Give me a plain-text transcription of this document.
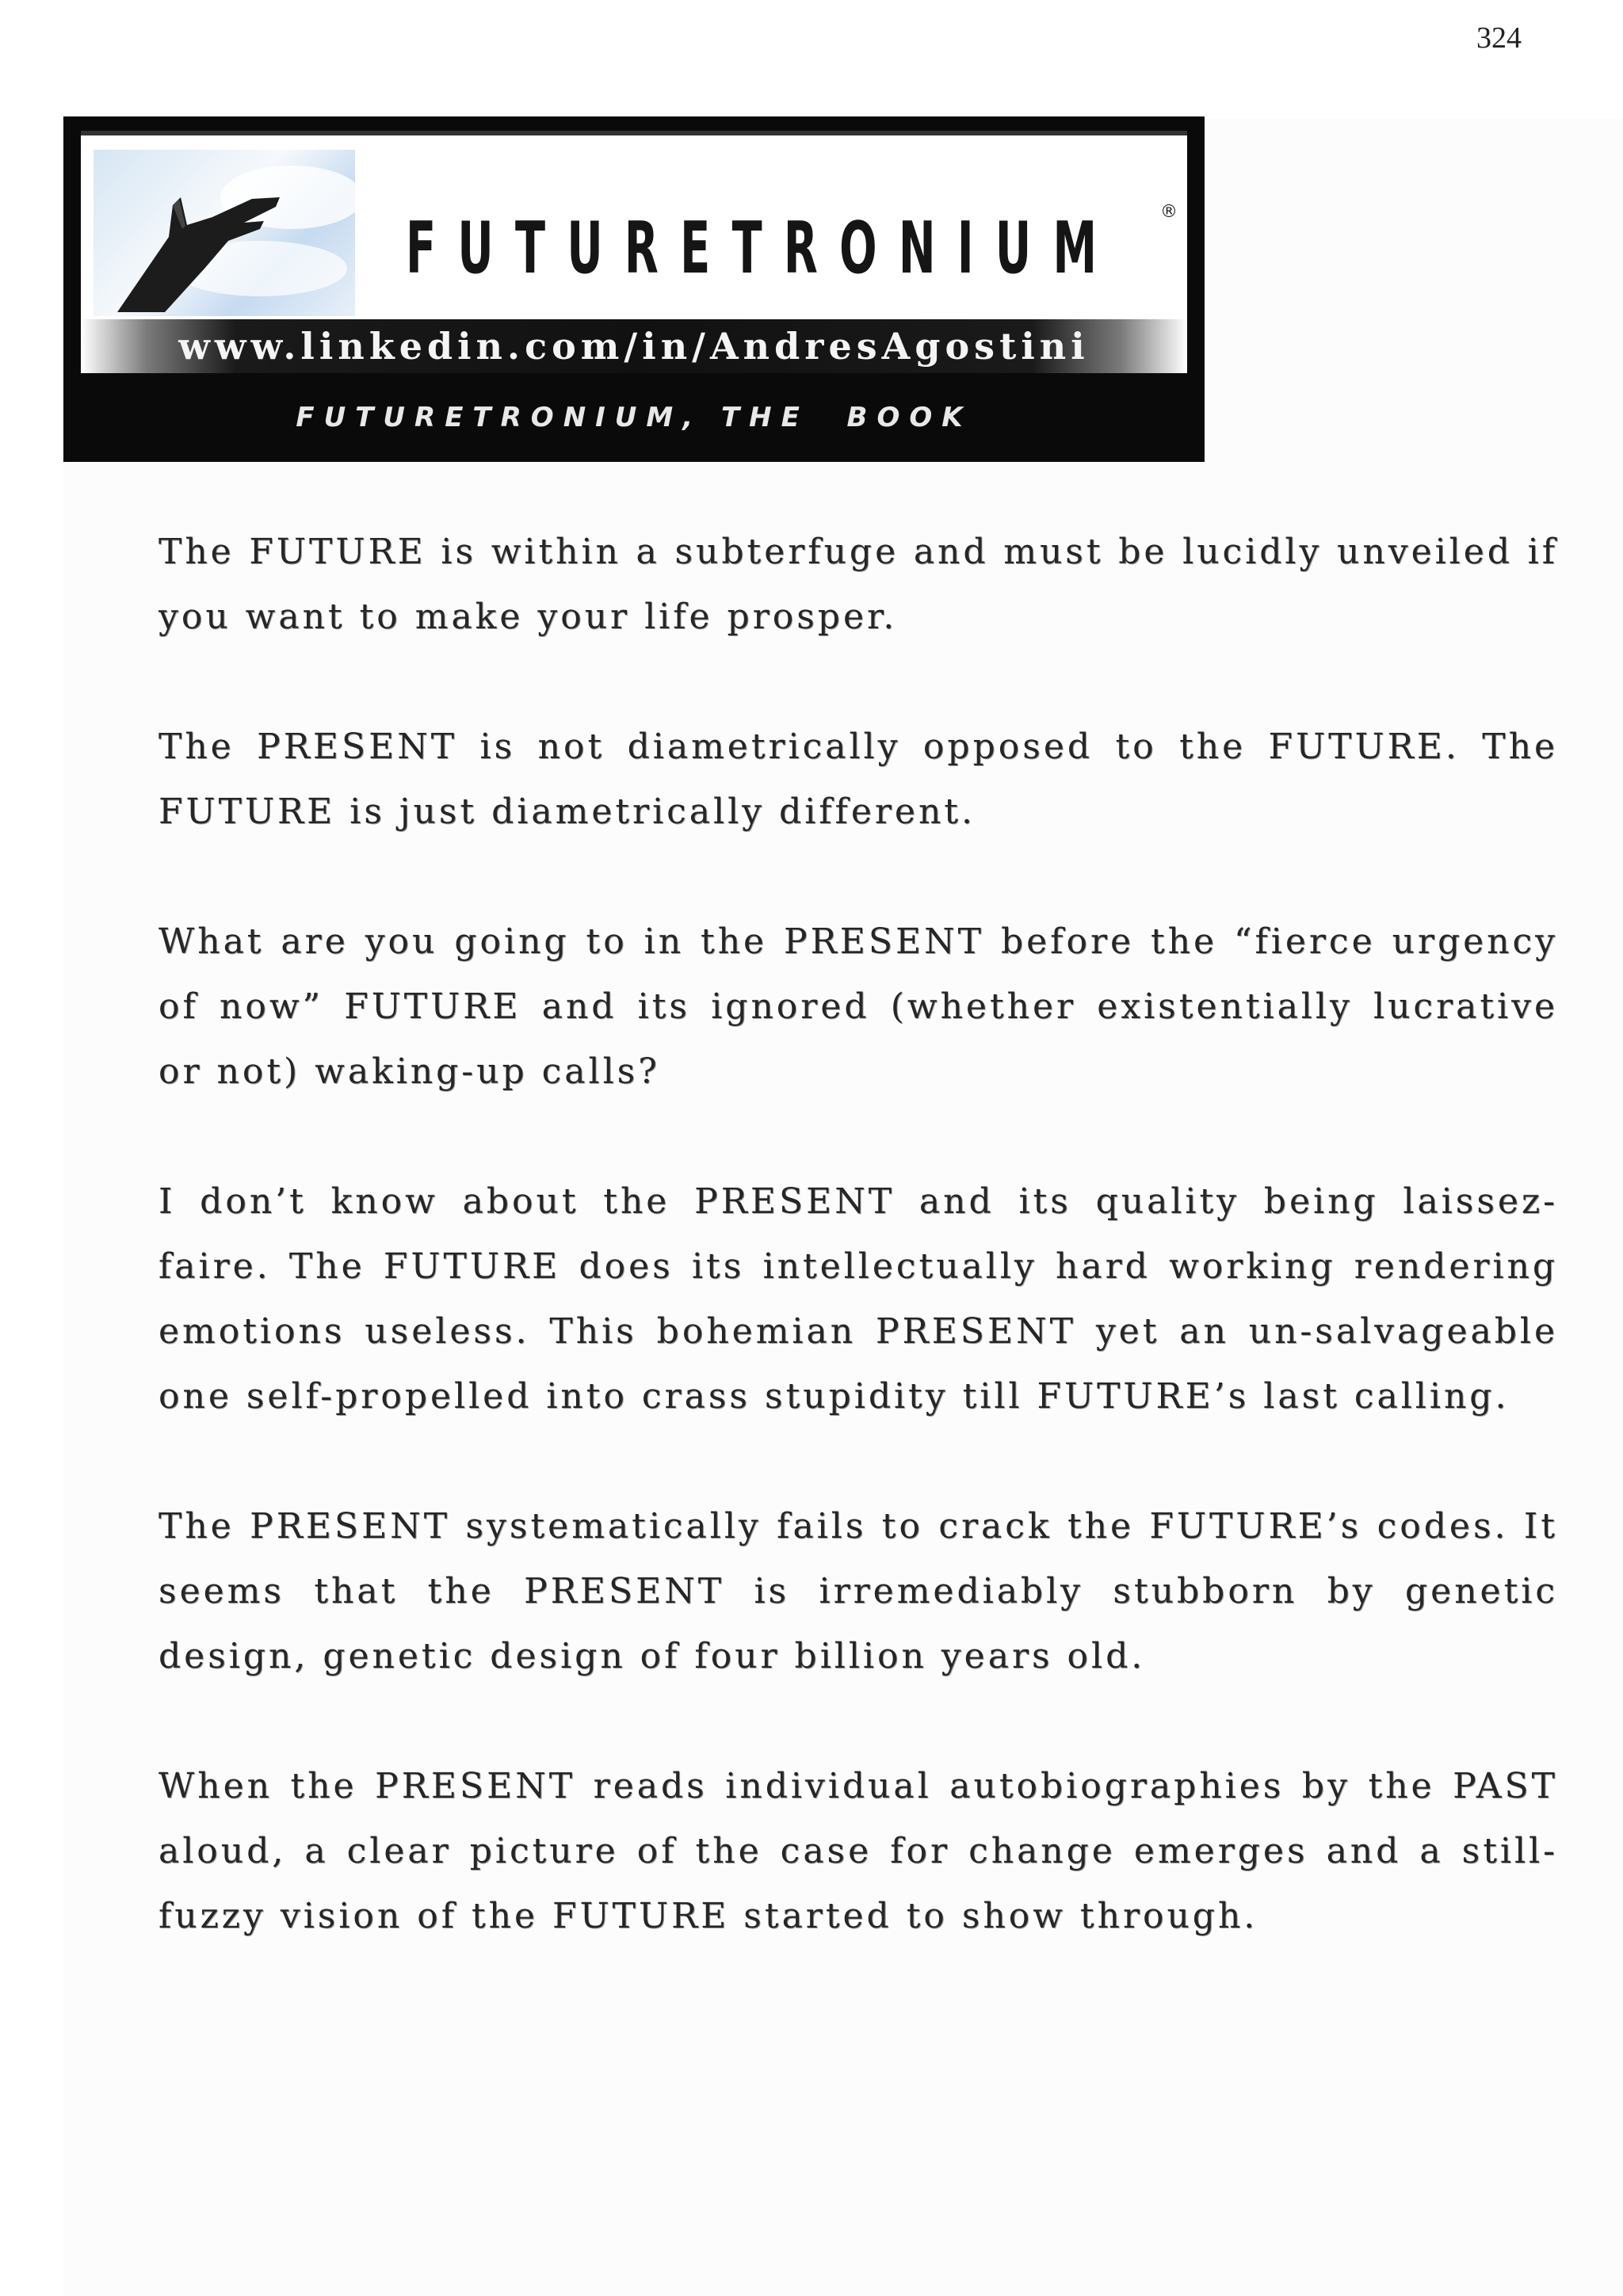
324
FUTURETRONIUM ®
www.linkedin.com/in/AndresAgostini
FUTURETRONIUM, THE  BOOK

The FUTURE is within a subterfuge and must be lucidly unveiled if you want to make your life prosper.

The PRESENT is not diametrically opposed to the FUTURE. The FUTURE is just diametrically different.

What are you going to in the PRESENT before the “fierce urgency of now” FUTURE and its ignored (whether existentially lucrative or not) waking-up calls?

I don’t know about the PRESENT and its quality being laissez-faire. The FUTURE does its intellectually hard working rendering emotions useless. This bohemian PRESENT yet an un-salvageable one self-propelled into crass stupidity till FUTURE’s last calling.

The PRESENT systematically fails to crack the FUTURE’s codes. It seems that the PRESENT is irremediably stubborn by genetic design, genetic design of four billion years old.

When the PRESENT reads individual autobiographies by the PAST aloud, a clear picture of the case for change emerges and a still-fuzzy vision of the FUTURE started to show through.
